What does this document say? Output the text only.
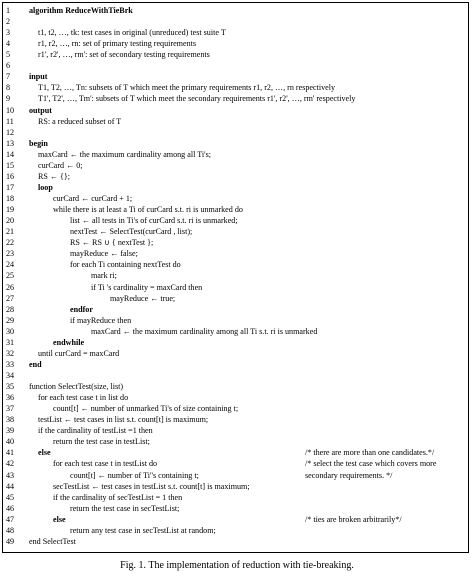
1	algorithm ReduceWithTieBrk
2
3	t1, t2, …, tk: test cases in original (unreduced) test suite T
4	r1, r2, …, rn: set of primary testing requirements
5	r1', r2', …, rm': set of secondary testing requirements
6
7	input
8	T1, T2, …, Tn: subsets of T which meet the primary requirements r1, r2, …, rn respectively
9	T1', T2', …, Tm': subsets of T which meet the secondary requirements r1', r2', …, rm' respectively
10	output
11	RS: a reduced subset of T
12
13	begin
14	maxCard ← the maximum cardinality among all Ti's;
15	curCard ← 0;
16	RS ← {};
17	loop
18	curCard ← curCard + 1;
19	while there is at least a Ti of curCard s.t. ri is unmarked do
20	list ← all tests in Ti's of curCard s.t. ri is unmarked;
21	nextTest ← SelectTest(curCard , list);
22	RS ← RS ∪ { nextTest };
23	mayReduce ← false;
24	for each Ti containing nextTest do
25	mark ri;
26	if Ti 's cardinality = maxCard then
27	mayReduce ← true;
28	endfor
29	if mayReduce then
30	maxCard ← the maximum cardinality among all Ti s.t. ri is unmarked
31	endwhile
32	until curCard = maxCard
33	end
34
35	function SelectTest(size, list)
36	for each test case t in list do
37	count[t] ← number of unmarked Ti's of size containing t;
38	testList ← test cases in list s.t. count[t] is maximum;
39	if the cardinality of testList =1 then
40	return the test case in testList;
41	else	/* there are more than one candidates.*/
42	for each test case t in testList do	/* select the test case which covers more
43	count[t] ← number of Ti''s containing t;	secondary requirements. */
44	secTestList ← test cases in testList s.t. count[t] is maximum;
45	if the cardinality of secTestList = 1 then
46	return the test case in secTestList;
47	else	/* ties are broken arbitrarily*/
48	return any test case in secTestList at random;
49	end SelectTest
Fig. 1. The implementation of reduction with tie-breaking.
